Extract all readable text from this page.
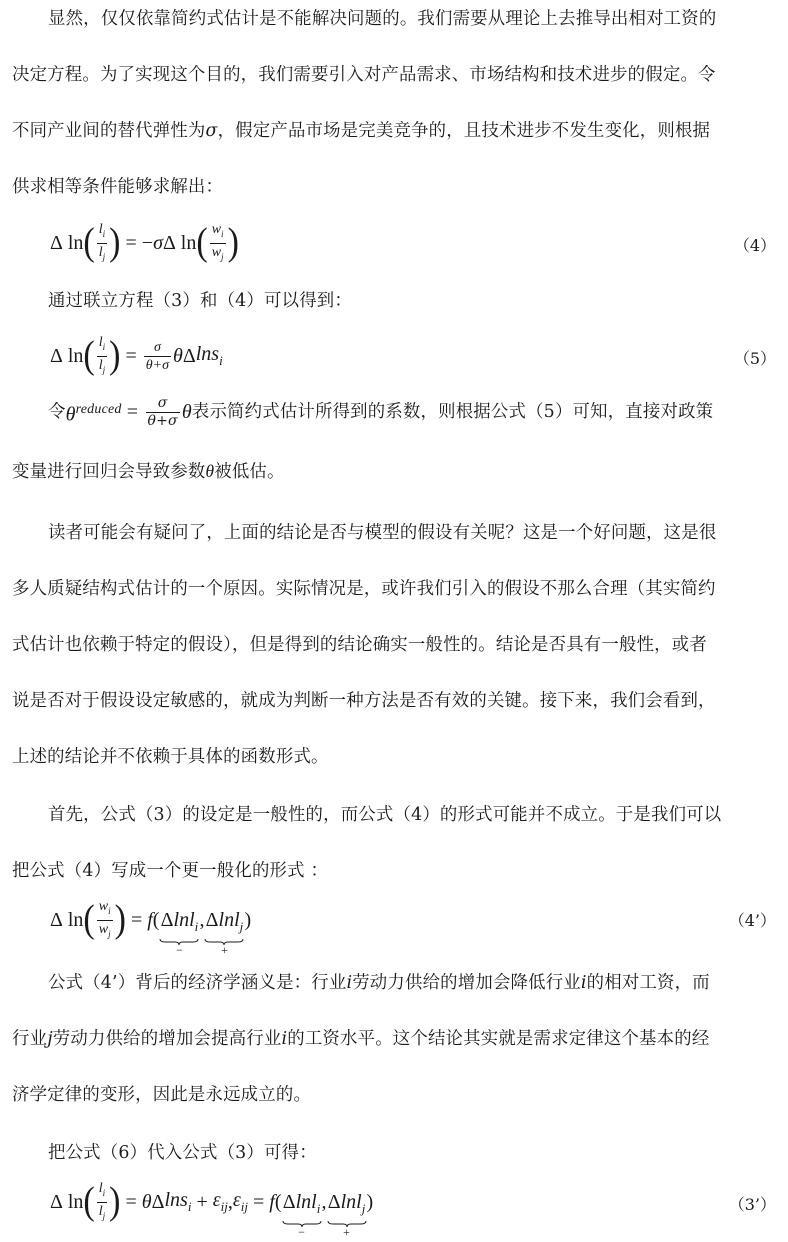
显然，仅仅依靠简约式估计是不能解决问题的。我们需要从理论上去推导出相对工资的

决定方程。为了实现这个目的，我们需要引入对产品需求、市场结构和技术进步的假定。令

不同产业间的替代弹性为σ，假定产品市场是完美竞争的，且技术进步不发生变化，则根据

供求相等条件能够求解出：

Δ ln ( $\frac{l_i}{l_j}$ ) = − σ Δ ln ( $\frac{w_i}{w_j}$ )	（4）

通过联立方程（3）和（4）可以得到：

Δ ln ( $\frac{l_i}{l_j}$ ) = $\frac{\sigma}{\theta+\sigma}$ θ Δ lns$_i$	（5）
令 $\theta^{reduced} = \frac{\sigma}{\theta+\sigma}$ θ 表示简约式估计所得到的系数，则根据公式（5）可知，直接对政策

变量进行回归会导致参数θ被低估。

读者可能会有疑问了，上面的结论是否与模型的假设有关呢？这是一个好问题，这是很

多人质疑结构式估计的一个原因。实际情况是，或许我们引入的假设不那么合理（其实简约

式估计也依赖于特定的假设），但是得到的结论确实一般性的。结论是否具有一般性，或者

说是否对于假设设定敏感的，就成为判断一种方法是否有效的关键。接下来，我们会看到，

上述的结论并不依赖于具体的函数形式。

首先，公式（3）的设定是一般性的，而公式（4）的形式可能并不成立。于是我们可以

把公式（4）写成一个更一般化的形式 ：

Δ ln ( $\frac{w_i}{w_j}$ ) = f ( Δlnl$_i$
−
, Δlnl$_j$
+
)	（4’）

公式（4’）背后的经济学涵义是：行业i劳动力供给的增加会降低行业i的相对工资，而

行业j劳动力供给的增加会提高行业i的工资水平。这个结论其实就是需求定律这个基本的经

济学定律的变形，因此是永远成立的。

把公式（6）代入公式（3）可得：

Δ ln ( $\frac{l_i}{l_j}$ ) = θ Δ $\ln s_i + \varepsilon_{ij}$ , $\varepsilon_{ij} = f$ ( Δlnl$_i$
−
, Δlnl$_j$
+
)	（3’）
